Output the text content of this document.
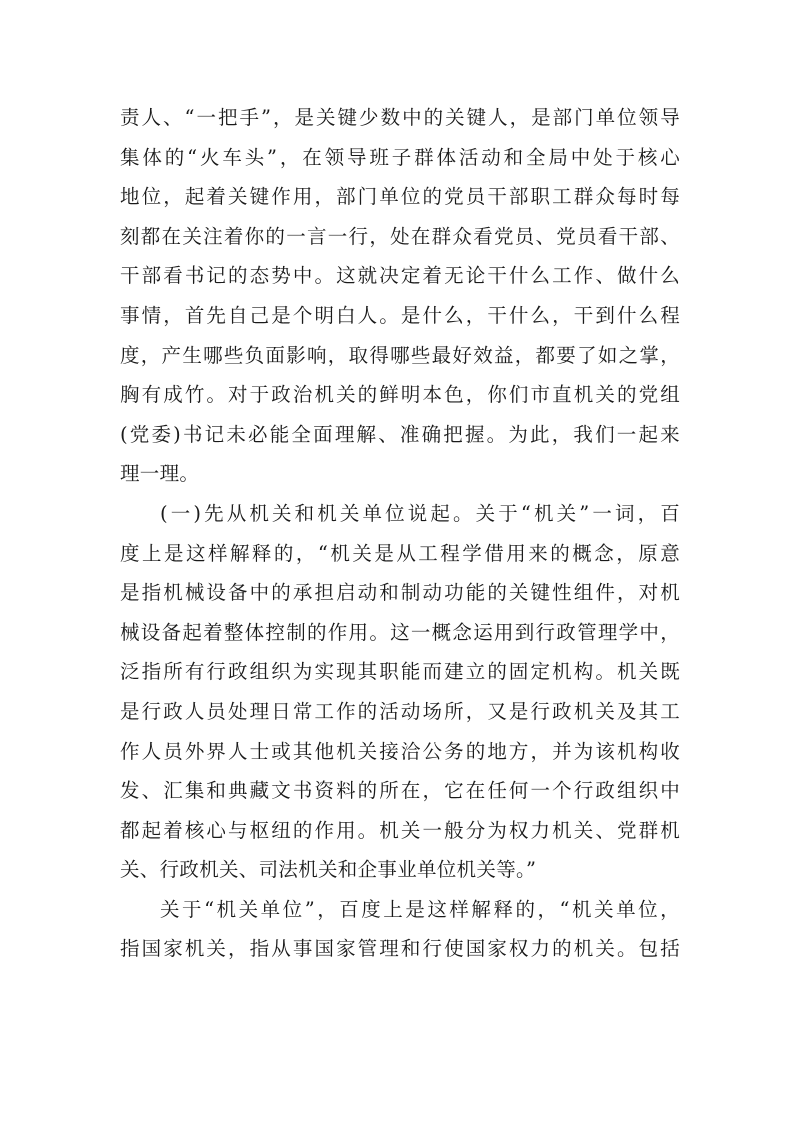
责人、“一把手”，是关键少数中的关键人，是部门单位领导
集体的“火车头”，在领导班子群体活动和全局中处于核心
地位，起着关键作用，部门单位的党员干部职工群众每时每
刻都在关注着你的一言一行，处在群众看党员、党员看干部、
干部看书记的态势中。这就决定着无论干什么工作、做什么
事情，首先自己是个明白人。是什么，干什么，干到什么程
度，产生哪些负面影响，取得哪些最好效益，都要了如之掌，
胸有成竹。对于政治机关的鲜明本色，你们市直机关的党组
(党委)书记未必能全面理解、准确把握。为此，我们一起来
理一理。
(一)先从机关和机关单位说起。关于“机关”一词，百
度上是这样解释的，“机关是从工程学借用来的概念，原意
是指机械设备中的承担启动和制动功能的关键性组件，对机
械设备起着整体控制的作用。这一概念运用到行政管理学中，
泛指所有行政组织为实现其职能而建立的固定机构。机关既
是行政人员处理日常工作的活动场所，又是行政机关及其工
作人员外界人士或其他机关接洽公务的地方，并为该机构收
发、汇集和典藏文书资料的所在，它在任何一个行政组织中
都起着核心与枢纽的作用。机关一般分为权力机关、党群机
关、行政机关、司法机关和企事业单位机关等。”
关于“机关单位”，百度上是这样解释的，“机关单位，
指国家机关，指从事国家管理和行使国家权力的机关。包括
